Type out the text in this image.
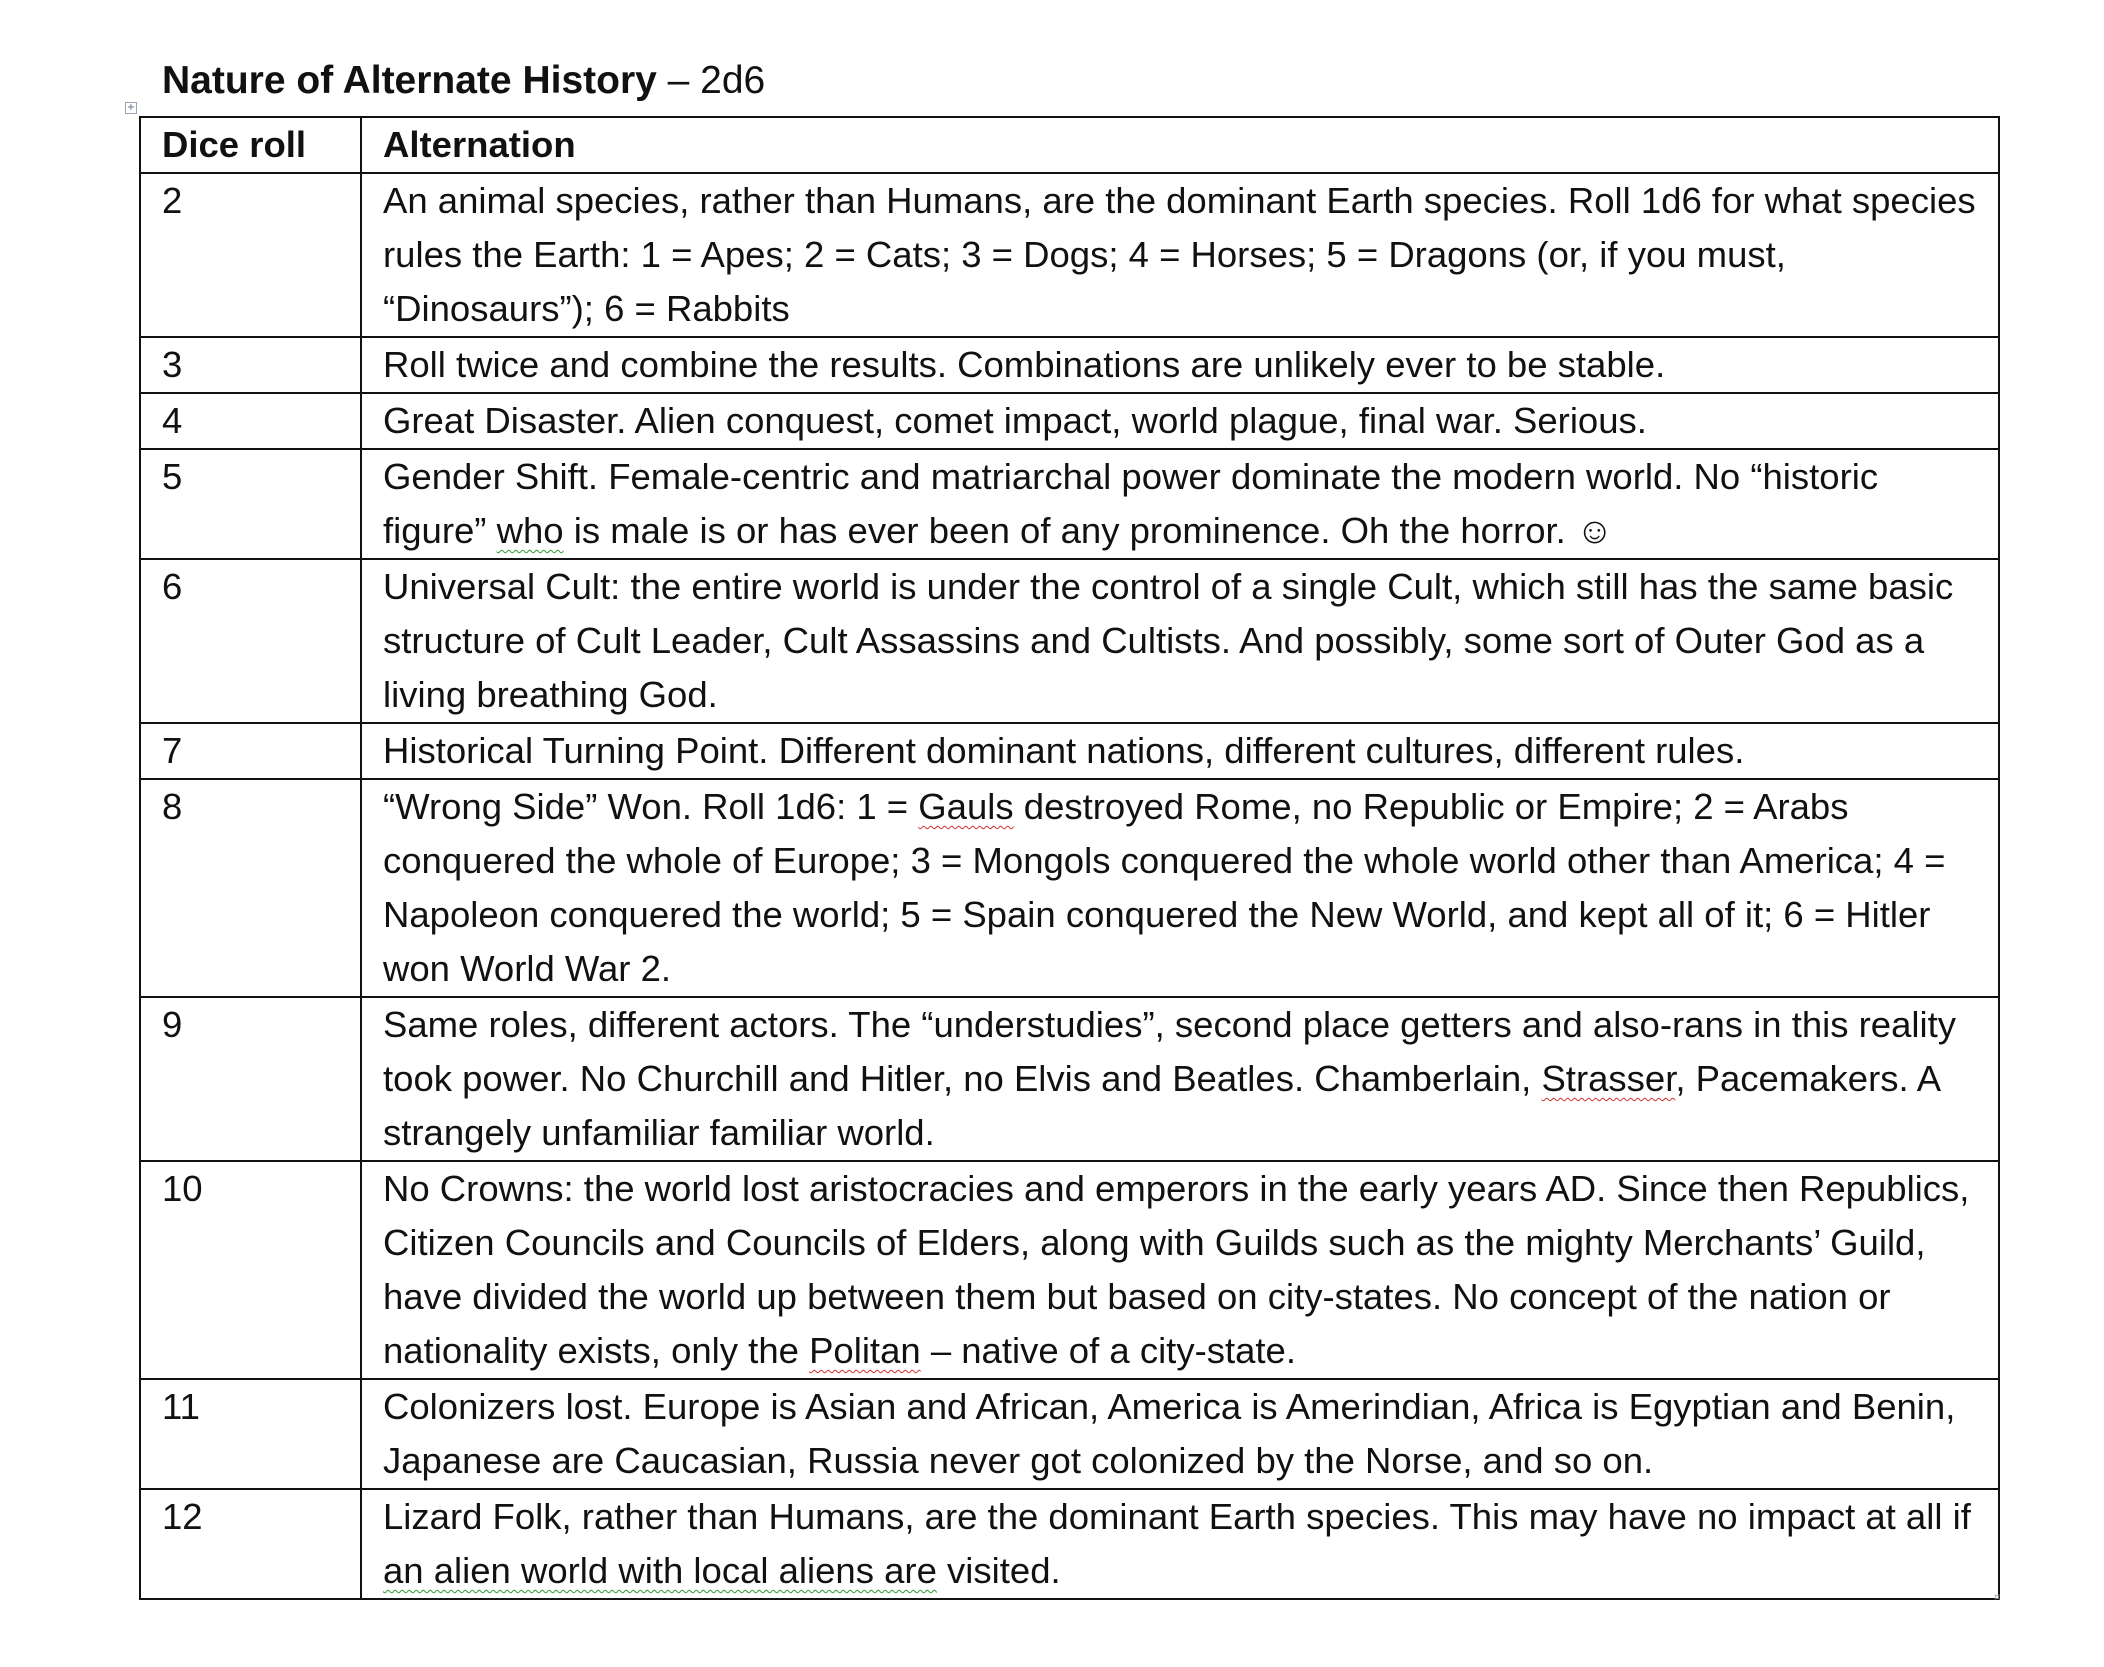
+
Nature of Alternate History – 2d6
Dice roll	Alternation
2	An animal species, rather than Humans, are the dominant Earth species. Roll 1d6 for what species rules the Earth: 1 = Apes; 2 = Cats; 3 = Dogs; 4 = Horses; 5 = Dragons (or, if you must, “Dinosaurs”); 6 = Rabbits
3	Roll twice and combine the results. Combinations are unlikely ever to be stable.
4	Great Disaster. Alien conquest, comet impact, world plague, final war. Serious.
5	Gender Shift. Female-centric and matriarchal power dominate the modern world. No “historic figure” who is male is or has ever been of any prominence. Oh the horror. ☺
6	Universal Cult: the entire world is under the control of a single Cult, which still has the same basic structure of Cult Leader, Cult Assassins and Cultists. And possibly, some sort of Outer God as a living breathing God.
7	Historical Turning Point. Different dominant nations, different cultures, different rules.
8	“Wrong Side” Won. Roll 1d6: 1 = Gauls destroyed Rome, no Republic or Empire; 2 = Arabs conquered the whole of Europe; 3 = Mongols conquered the whole world other than America; 4 = Napoleon conquered the world; 5 = Spain conquered the New World, and kept all of it; 6 = Hitler won World War 2.
9	Same roles, different actors. The “understudies”, second place getters and also-rans in this reality took power. No Churchill and Hitler, no Elvis and Beatles. Chamberlain, Strasser, Pacemakers. A strangely unfamiliar familiar world.
10	No Crowns: the world lost aristocracies and emperors in the early years AD. Since then Republics, Citizen Councils and Councils of Elders, along with Guilds such as the mighty Merchants’ Guild, have divided the world up between them but based on city-states. No concept of the nation or nationality exists, only the Politan – native of a city-state.
11	Colonizers lost. Europe is Asian and African, America is Amerindian, Africa is Egyptian and Benin, Japanese are Caucasian, Russia never got colonized by the Norse, and so on.
12	Lizard Folk, rather than Humans, are the dominant Earth species. This may have no impact at all if an alien world with local aliens are visited.
¤
